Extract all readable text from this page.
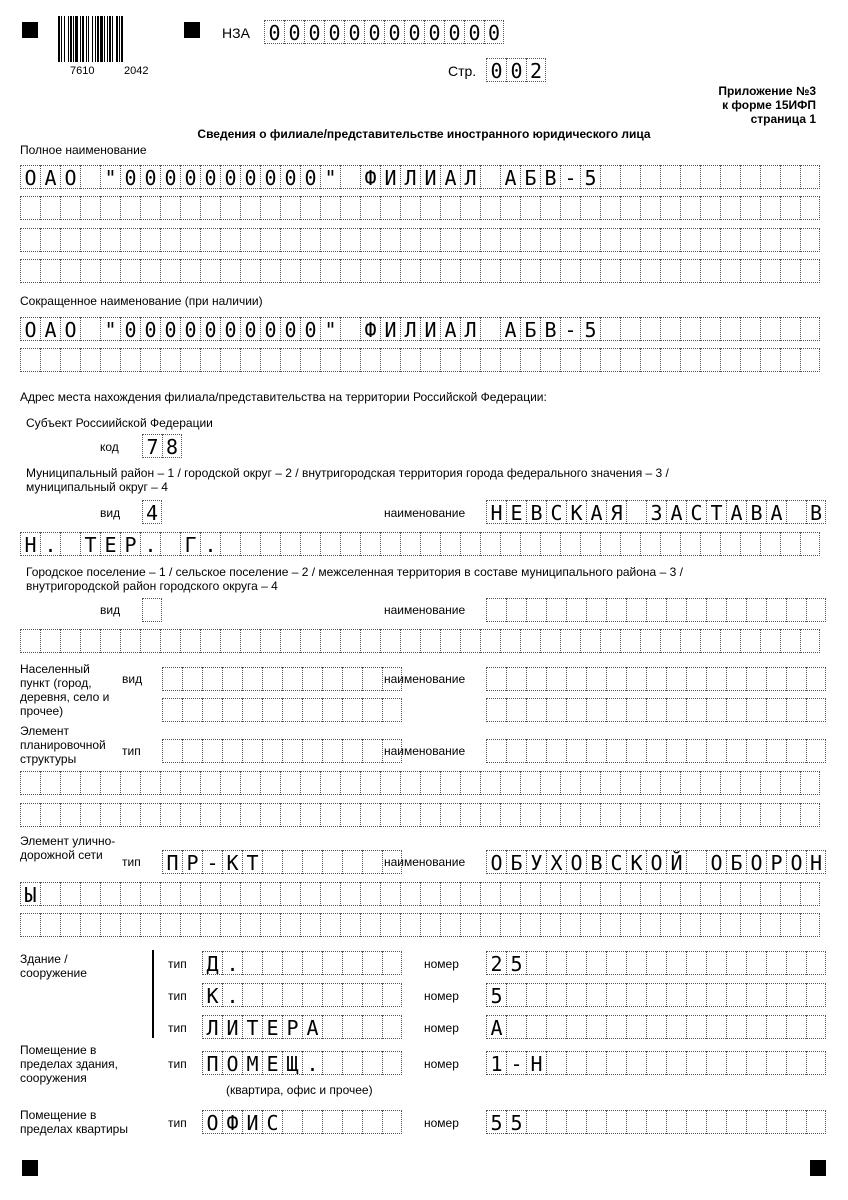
7610	2042
НЗА 0 0 0 0 0 0 0 0 0 0 0 0
Стр. 0 0 2
Приложение №3
к форме 15ИФП
страница 1
Сведения о филиале/представительстве иностранного юридического лица
Полное наименование
О А О " 0 0 0 0 0 0 0 0 0 0 " Ф И Л И А Л А Б В - 5
Сокращенное наименование (при наличии)
О А О " 0 0 0 0 0 0 0 0 0 0 " Ф И Л И А Л А Б В - 5
Адрес места нахождения филиала/представительства на территории Российской Федерации:
Субъект Россиийской Федерации
код 7 8
Муниципальный район – 1 / городской округ – 2 / внутригородская территория города федерального значения – 3 /
муниципальный округ – 4
вид 4	наименование Н Е В С К А Я З А С Т А В А В
Н . Т Е Р . Г .
Городское поселение – 1 / сельское поселение – 2 / межселенная территория в составе муниципального района – 3 /
внутригородской район городского округа – 4
вид	наименование
Населенный пункт (город, деревня, село и прочее)
вид	наименование
Элемент планировочной структуры
тип	наименование
Элемент улично-дорожной сети	тип П Р - К Т	наименование О Б У Х О В С К О Й О Б О Р О Н
Ы
Здание / сооружение
тип Д .	номер 2 5
тип К .	номер 5
тип Л И Т Е Р А	номер А
Помещение в пределах здания, сооружения
тип П О М Е Щ .	номер 1 - Н
(квартира, офис и прочее)
Помещение в пределах квартиры	тип О Ф И С	номер 5 5
